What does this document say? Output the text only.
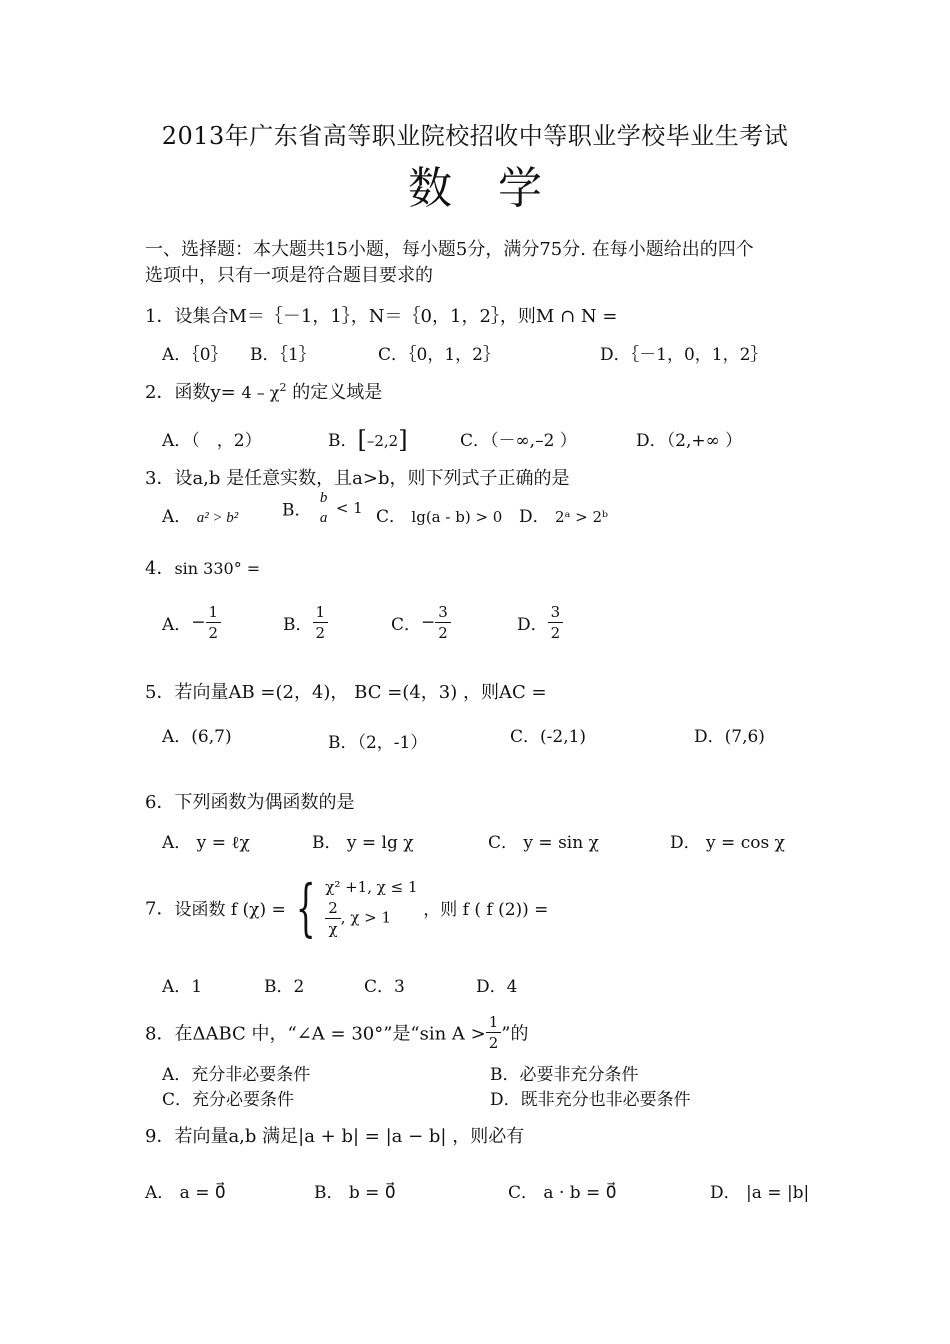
2013年广东省高等职业院校招收中等职业学校毕业生考试
数学
一、选择题：本大题共15小题，每小题5分，满分75分. 在每小题给出的四个
选项中，只有一项是符合题目要求的
1．设集合M＝｛－1，1｝，N＝｛0，1，2｝，则M ∩ N =
A．｛0｝ B．｛1｝	C．｛0，1，2｝	D．｛－1，0，1，2｝
2．函数$y= 4 - \chi^2$ 的定义域是
A．（　，2）	B．[–2,2]	C．（－∞,–2 ）	D．（2,+∞ ）
3．设a,b 是任意实数，且a>b，则下列式子正确的是
A． a² > b²	B．
b
a
< 1 C． lg(a - b) > 0 D． 2ᵃ > 2ᵇ
4．sin 330° =
A．− $\frac{1}{2}$	B． $\frac{1}{2}$	C．− $\frac{3}{2}$	D． $\frac{3}{2}$
5．若向量AB =(2，4)， BC =(4，3) ，则AC =
A．(6,7)	B．（2，-1）	C．(-2,1)	D．(7,6)
6．下列函数为偶函数的是
A． y = ℓχ	B． y = lg χ	C． y = sin χ	D． y = cos χ
7．设函数 f (χ) = { χ² +1, χ ≤ 1
$\frac{2}{\chi}$ , χ > 1	，则 f ( f (2)) =
A．1	B．2	C．3	D．4
8．在ΔABC 中，“∠A = 30°”是“sin $A > \frac{1}{2}$ ”的
A．充分非必要条件	B．必要非充分条件
C．充分必要条件	D．既非充分也非必要条件
9．若向量a,b 满足|a + b| = |a − b| ，则必有
A． a = 0⃗	B． b = 0⃗	C． a · b = 0⃗	D． |a = |b|
